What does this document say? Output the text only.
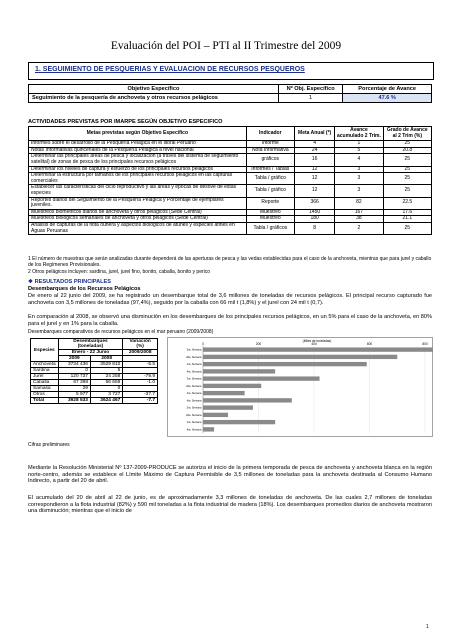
Evaluación del POI – PTI al II Trimestre del 2009
1. SEGUIMIENTO DE PESQUERIAS Y EVALUACION DE RECURSOS PESQUEROS
Objetivo Específico	Nº Obj. Específico	Porcentaje de Avance
Seguimiento de la pesquería de anchoveta y otros recursos pelágicos	1	47.6 %
ACTIVIDADES PREVISTAS POR IMARPE SEGÚN OBJETIVO ESPECIFICO
Metas previstas según Objetivo Específico	Indicador	Meta Anual (*)	Avance acumulado 2 Trim.	Grado de Avance al 2 Trim (%)
Informes sobre el desarrollo de la Pesquería Pelágica en el litoral Peruano	Informe	4	1	25
Notas Informativas quincenales de la Pesquería Pelágica a nivel nacional	Nota Informativa	24	5	20.8
Determinar las principales áreas de pesca y localización (a través del sistema de seguimiento satelital) de zonas de pesca de los principales recursos pelágicos	gráficos	16	4	25
Determinar los niveles de captura y esfuerzo de los principales recursos pelágicos	Informes / Tablas	12	3	25
Determinar la estructura por tamaños de los principales recursos pelágicos en las capturas comerciales	Tabla / gráfico	12	3	25
Establecer las características del ciclo reproductivo y las áreas y épocas de desove de estas especies	Tabla / gráfico	12	3	25
Reportes diarios del Seguimiento de la Pesquería Pelágica y Porcentaje de ejemplares juveniles.	Reporte	366	82	22.5
Muestreos biométricos diarios de anchoveta y otros pelágicos (Sede Central)	Muestreo	1450	167	17.6
Muestreos biológicos semanales de anchoveta y otros pelágicos (Sede Central)	Muestreo	180	38	21.1
Análisis de capturas de la flota óunera y aspectos biológicos de atunes y especies afines en Aguas Peruanas	Tabla / gráficos	8	2	25
1 El número de muestras que serán analizadas durante dependerá de las aperturas de pesca y las vedas establecidas para el caso de la anchoveta, mientras que para jurel y caballo de los Regímenes Provisionales.
2 Otros pelágicos incluyen: sardina, jurel, jurel fino, bonito, caballa, bonito y perico
❖ RESULTADOS PRINCIPALES
Desembarques de los Recursos Pelágicos
De enero al 22 junio del 2009, se ha registrado un desembarque total de 3,6 millones de toneladas de recursos pelágicos. El principal recurso capturado fue anchoveta con 3,5 millones de toneladas (97,4%), seguido por la caballa con 66 mil t (1,8%) y el jurel con 24 mil t (0,7).
En comparación al 2008, se observó una disminución en los desembarques de los principales recursos pelágicos, en un 5% para el caso de la anchoveta, en 80% para el jurel y en 1% para la caballa.
Desembarques comparativos de recursos pelágicos en el mar peruano (2009/2008)
Especies	Desembarques (toneladas)		Variación (%)
	Enero - 22 Junio		2009/2008
	2009	2008	
Anchoveta	3734 436	3529 810	-5.5
Sardina	0	5	
Jurel	120 737	24 258	-79.9
Caballa	67 398	66 669	-1.0
Samasa	29	0	
Otros	5 977	3 727	-37.7
Total	3928 533	3624 467	-7.7
(Miles de toneladas)
0	200	400	600	800
3ra. Semana
2da. Semana
1ra. Semana
4ta. Semana
3ra. Semana
2da. Semana
1ra. Semana
4ta. Semana
3ra. Semana
2da. Semana
1ra. Semana
4ta. Semana
Cifras preliminares
Mediante la Resolución Ministerial Nº 137-2009-PRODUCE se autoriza el inicio de la primera temporada de pesca de anchoveta y anchoveta blanca en la región norte-centro, además se establece el Límite Máximo de Captura Permisible de 3,5 millones de toneladas para la anchoveta destinada al Consumo Humano Indirecto, a partir del 20 de abril.
El acumulado del 20 de abril al 22 de junio, es de aproximadamente 3,3 millones de toneladas de anchoveta. De las cuales 2,7 millones de toneladas correspondieron a la flota industrial (82%) y 590 mil toneladas a la flota industrial de madera (18%). Los desembarques promedios diarios de anchoveta mostraron una disminución; mientras que el inicio de
1
